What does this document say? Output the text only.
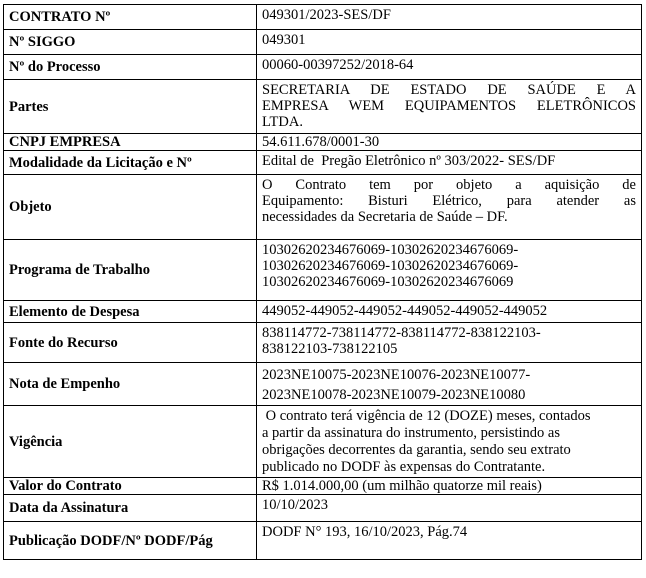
CONTRATO Nº	049301/2023-SES/DF
Nº SIGGO	049301
Nº do Processo	00060-00397252/2018-64
Partes	SECRETARIA DE ESTADO DE SAÚDE E A
EMPRESA WEM EQUIPAMENTOS ELETRÔNICOS
LTDA.

CNPJ EMPRESA	54.611.678/0001-30
Modalidade da Licitação e Nº	Edital de  Pregão Eletrônico nº 303/2022- SES/DF
Objeto	O Contrato tem por objeto a aquisição de
Equipamento: Bisturi Elétrico, para atender as
necessidades da Secretaria de Saúde – DF.

Programa de Trabalho	10302620234676069-10302620234676069-
10302620234676069-10302620234676069-
10302620234676069-10302620234676069

Elemento de Despesa	449052-449052-449052-449052-449052-449052
Fonte do Recurso	838114772-738114772-838114772-838122103-
838122103-738122105

Nota de Empenho	2023NE10075-2023NE10076-2023NE10077-
2023NE10078-2023NE10079-2023NE10080

Vigência	O contrato terá vigência de 12 (DOZE) meses, contados
a partir da assinatura do instrumento, persistindo as
obrigações decorrentes da garantia, sendo seu extrato
publicado no DODF às expensas do Contratante.

Valor do Contrato	R$ 1.014.000,00 (um milhão quatorze mil reais)
Data da Assinatura	10/10/2023
Publicação DODF/Nº DODF/Pág	DODF N° 193, 16/10/2023, Pág.74
